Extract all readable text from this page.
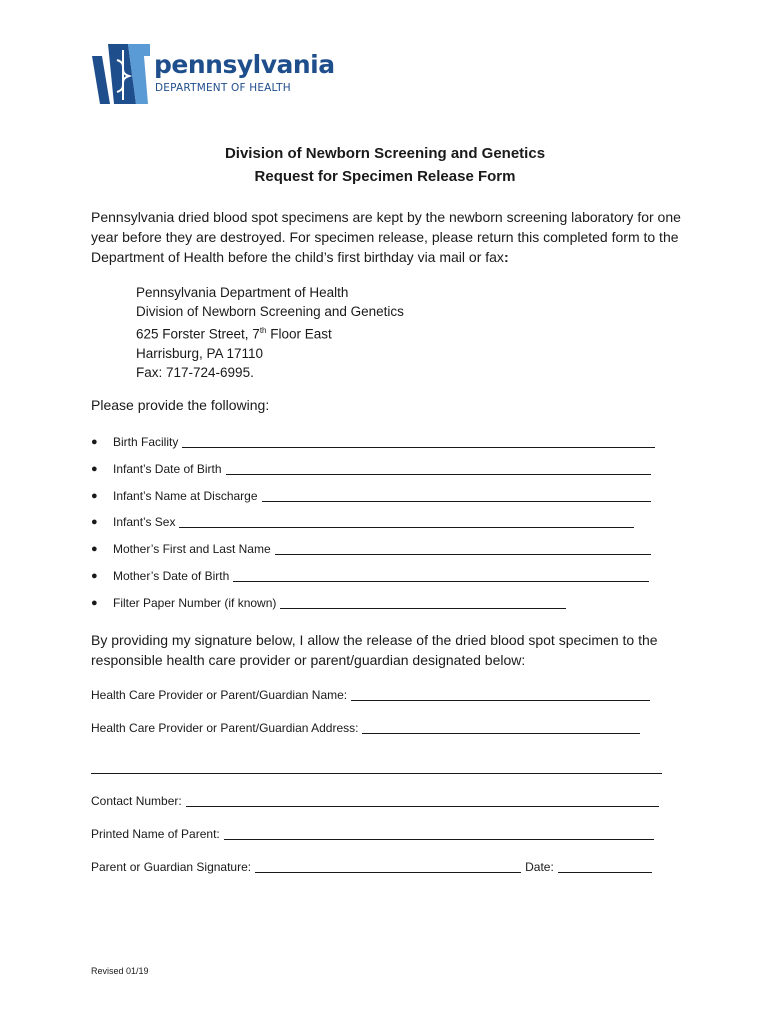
pennsylvania
DEPARTMENT OF HEALTH
Division of Newborn Screening and Genetics
Request for Specimen Release Form

Pennsylvania dried blood spot specimens are kept by the newborn screening laboratory for one year before they are destroyed. For specimen release, please return this completed form to the Department of Health before the child’s first birthday via mail or fax:

Pennsylvania Department of Health
Division of Newborn Screening and Genetics
625 Forster Street, 7th Floor East
Harrisburg, PA 17110
Fax: 717-724-6995.
Please provide the following:
●	Birth Facility
●	Infant’s Date of Birth
●	Infant’s Name at Discharge
●	Infant’s Sex
●	Mother’s First and Last Name
●	Mother’s Date of Birth
●	Filter Paper Number (if known)

By providing my signature below, I allow the release of the dried blood spot specimen to the responsible health care provider or parent/guardian designated below:

Health Care Provider or Parent/Guardian Name:
Health Care Provider or Parent/Guardian Address:
Contact Number:
Printed Name of Parent:
Parent or Guardian Signature:	Date:
Revised 01/19
